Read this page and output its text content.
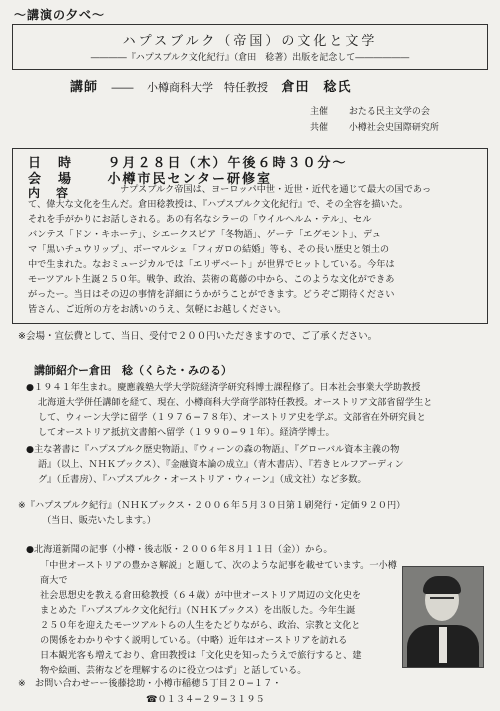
〜講演の夕べ〜
ハプスブルク（帝国）の文化と文学
――――『ハプスブルク文化紀行』（倉田　稔著）出版を記念して――――――
講師 ―― 小樽商科大学　特任教授 倉田　稔氏
主催 おたる民主文学の会
共催 小樽社会史国際研究所
日　時	９月２８日（木）午後６時３０分〜
会　場	小樽市民センター研修室
内　容	ナプスブルク帝国は、ヨーロッパ中世・近世・近代を通じて最大の国であっ
て、偉大な文化を生んだ。倉田稔教授は、『ハプスブルク文化紀行』で、その全容を描いた。
それを手がかりにお話しされる。あの有名なシラーの「ウイルヘルム・テル」、セル
バンテス「ドン・キホーテ」、シエークスピア「冬物語」、ゲーテ「エグモント」、デュ
マ「黒いチュウリップ」、ボーマルシェ「フィガロの結婚」等も、その長い歴史と領土の
中で生まれた。なおミュージカルでは「エリザベート」が世界でヒットしている。今年は
モーツアルト生誕２５０年。戦争、政治、芸術の葛藤の中から、このような文化ができあ
がったー。当日はその辺の事情を詳細にうかがうことができます。どうぞご期待ください
皆さん、ご近所の方をお誘いのうえ、気軽にお越しください。
※会場・宣伝費として、当日、受付で２００円いただきますので、ご了承ください。
講師紹介ー倉田　稔（くらた・みのる）
●１９４１年生まれ。慶應義塾大学大学院経済学研究科博士課程修了。日本社会事業大学助教授
北海道大学併任講師を経て、現在、小樽商科大学商学部特任教授。オーストリア文部省留学生と
して、ウィーン大学に留学（１９７６−７８年）、オーストリア史を学ぶ。文部省在外研究員と
してオーストリア抵抗文書館へ留学（１９９０−９１年）。経済学博士。
●主な著書に『ハプスブルク歴史物語』、『ウィーンの森の物語』、『グローバル資本主義の物
語』（以上、ＮＨＫブックス）、『金融資本論の成立』（青木書店）、『若きヒルフアーディン
グ』（丘書房）、『ハプスブルク・オーストリア・ウィーン』（成文社）など多数。
※『ハプスブルク紀行』（ＮＨＫブックス・２００６年５月３０日第１刷発行・定価９２０円）
（当日、販売いたします。）
●北海道新聞の記事（小樽・後志版・２００６年８月１１日（金））から。
「中世オーストリアの豊かさ解説」と題して、次のような記事を載せています。一小樽商大で
社会思想史を教える倉田稔教授（６４歳）が中世オーストリア周辺の文化史を
まとめた『ハプスブルク文化紀行』（ＮＨＫブックス）を出版した。今年生誕
２５０年を迎えたモーツアルトらの人生をたどりながら、政治、宗教と文化と
の関係をわかりやすく説明している。（中略）近年はオーストリアを訪れる
日本観光客も増えており、倉田教授は「文化史を知ったうえで旅行すると、建
物や絵画、芸術などを理解するのに役立つはず」と話している。
※　お問い合わせーー後藤捻助・小樽市稲穂５丁目２０−１７・
☎０１３４−２９−３１９５
